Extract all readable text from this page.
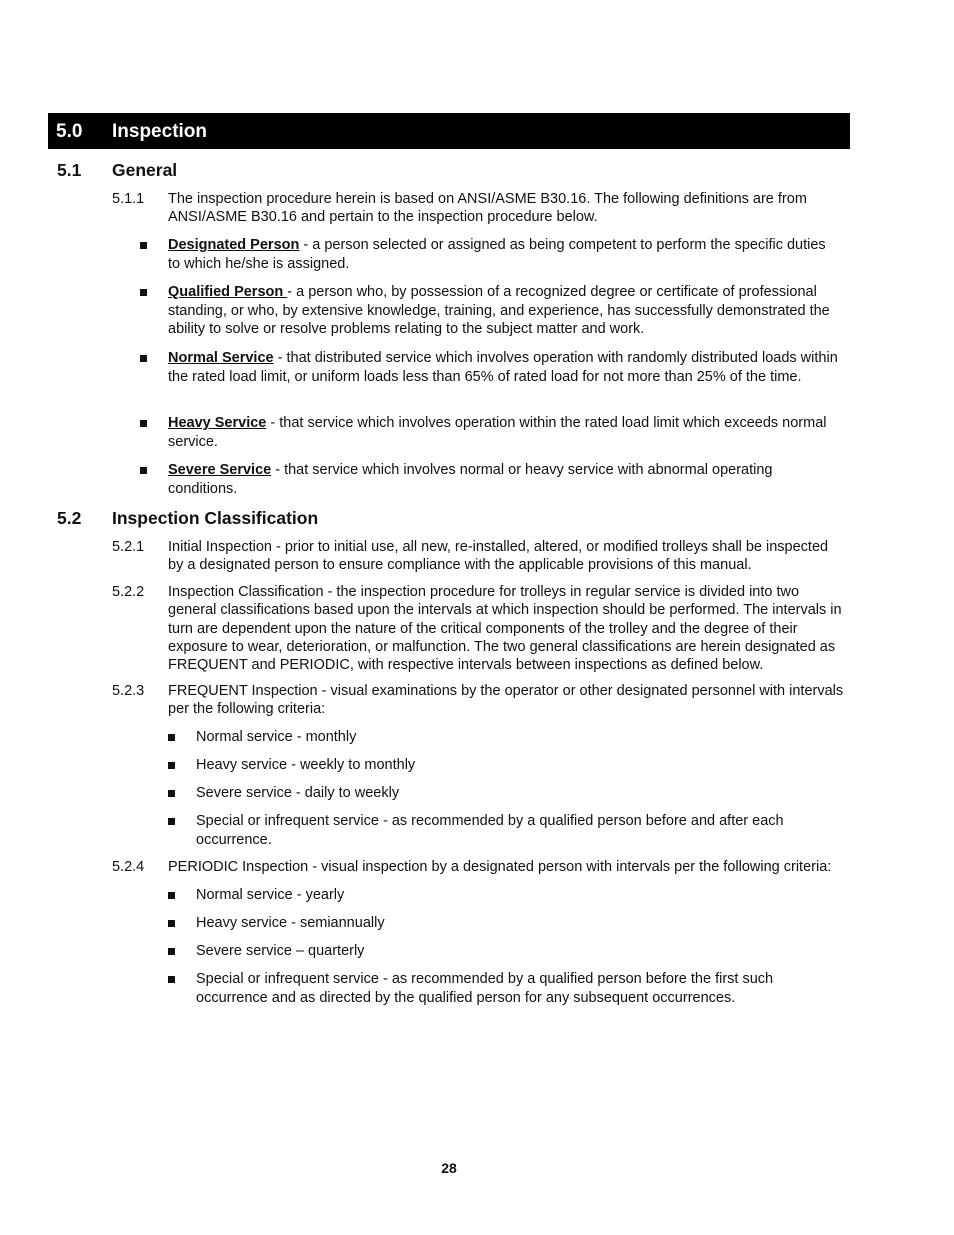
5.0 Inspection
5.1 General
5.1.1 The inspection procedure herein is based on ANSI/ASME B30.16. The following definitions are from ANSI/ASME B30.16 and pertain to the inspection procedure below.
Designated Person - a person selected or assigned as being competent to perform the specific duties to which he/she is assigned.
Qualified Person - a person who, by possession of a recognized degree or certificate of professional standing, or who, by extensive knowledge, training, and experience, has successfully demonstrated the ability to solve or resolve problems relating to the subject matter and work.
Normal Service - that distributed service which involves operation with randomly distributed loads within the rated load limit, or uniform loads less than 65% of rated load for not more than 25% of the time.
Heavy Service - that service which involves operation within the rated load limit which exceeds normal service.
Severe Service - that service which involves normal or heavy service with abnormal operating conditions.
5.2 Inspection Classification
5.2.1 Initial Inspection - prior to initial use, all new, re-installed, altered, or modified trolleys shall be inspected by a designated person to ensure compliance with the applicable provisions of this manual.
5.2.2 Inspection Classification - the inspection procedure for trolleys in regular service is divided into two general classifications based upon the intervals at which inspection should be performed. The intervals in turn are dependent upon the nature of the critical components of the trolley and the degree of their exposure to wear, deterioration, or malfunction. The two general classifications are herein designated as FREQUENT and PERIODIC, with respective intervals between inspections as defined below.
5.2.3 FREQUENT Inspection - visual examinations by the operator or other designated personnel with intervals per the following criteria:
Normal service - monthly
Heavy service - weekly to monthly
Severe service - daily to weekly
Special or infrequent service - as recommended by a qualified person before and after each occurrence.
5.2.4 PERIODIC Inspection - visual inspection by a designated person with intervals per the following criteria:
Normal service - yearly
Heavy service - semiannually
Severe service – quarterly
Special or infrequent service - as recommended by a qualified person before the first such occurrence and as directed by the qualified person for any subsequent occurrences.
28
